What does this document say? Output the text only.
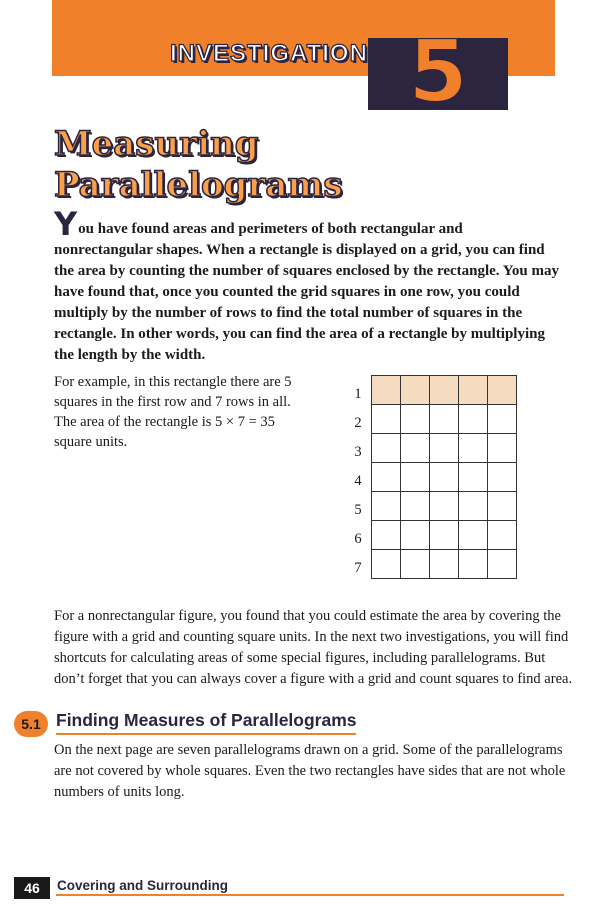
INVESTIGATION 5
Measuring
Parallelograms

You have found areas and perimeters of both rectangular and nonrectangular shapes. When a rectangle is displayed on a grid, you can find the area by counting the number of squares enclosed by the rectangle. You may have found that, once you counted the grid squares in one row, you could multiply by the number of rows to find the total number of squares in the rectangle. In other words, you can find the area of a rectangle by multiplying the length by the width.

For example, in this rectangle there are 5 squares in the first row and 7 rows in all. The area of the rectangle is 5 × 7 = 35 square units.

1
2
3
4
5
6
7

For a nonrectangular figure, you found that you could estimate the area by covering the figure with a grid and counting square units. In the next two investigations, you will find shortcuts for calculating areas of some special figures, including parallelograms. But don’t forget that you can always cover a figure with a grid and count squares to find area.

5.1 Finding Measures of Parallelograms

On the next page are seven parallelograms drawn on a grid. Some of the parallelograms are not covered by whole squares. Even the two rectangles have sides that are not whole numbers of units long.

46	Covering and Surrounding
